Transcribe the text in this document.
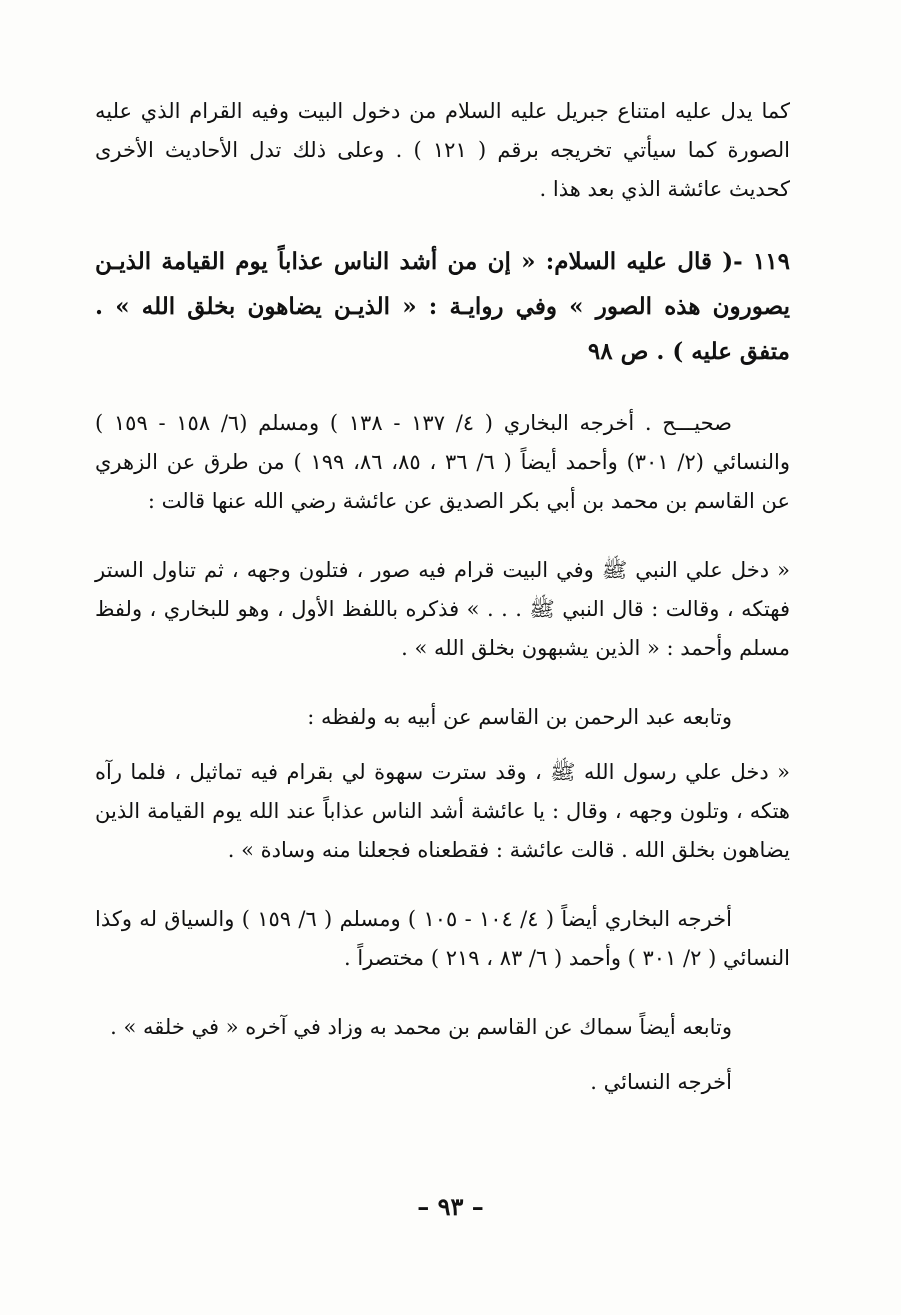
كما يدل عليه امتناع جبريل عليه السلام من دخول البيت وفيه القرام الذي عليه الصورة كما سيأتي تخريجه برقم ( ١٢١ ) . وعلى ذلك تدل الأحاديث الأخرى كحديث عائشة الذي بعد هذا .

١١٩ -( قال عليه السلام: « إن من أشد الناس عذاباً يوم القيامة الذيـن يصورون هذه الصور » وفي روايـة : « الذيـن يضاهون بخلق الله » . متفق عليه ) . ص ٩٨

صحيـــح . أخرجه البخاري ( ٤/ ١٣٧ - ١٣٨ ) ومسلم (٦/ ١٥٨ - ١٥٩ ) والنسائي (٢/ ٣٠١) وأحمد أيضاً ( ٦/ ٣٦ ، ٨٥، ٨٦، ١٩٩ ) من طرق عن الزهري عن القاسم بن محمد بن أبي بكر الصديق عن عائشة رضي الله عنها قالت :

« دخل علي النبي ﷺ وفي البيت قرام فيه صور ، فتلون وجهه ، ثم تناول الستر فهتكه ، وقالت : قال النبي ﷺ . . . » فذكره باللفظ الأول ، وهو للبخاري ، ولفظ مسلم وأحمد : « الذين يشبهون بخلق الله » .

وتابعه عبد الرحمن بن القاسم عن أبيه به ولفظه :

« دخل علي رسول الله ﷺ ، وقد سترت سهوة لي بقرام فيه تماثيل ، فلما رآه هتكه ، وتلون وجهه ، وقال : يا عائشة أشد الناس عذاباً عند الله يوم القيامة الذين يضاهون بخلق الله . قالت عائشة : فقطعناه فجعلنا منه وسادة » .

أخرجه البخاري أيضاً ( ٤/ ١٠٤ - ١٠٥ ) ومسلم ( ٦/ ١٥٩ ) والسياق له وكذا النسائي ( ٢/ ٣٠١ ) وأحمد ( ٦/ ٨٣ ، ٢١٩ ) مختصراً .

وتابعه أيضاً سماك عن القاسم بن محمد به وزاد في آخره « في خلقه » .

أخرجه النسائي .

– ٩٣ –
